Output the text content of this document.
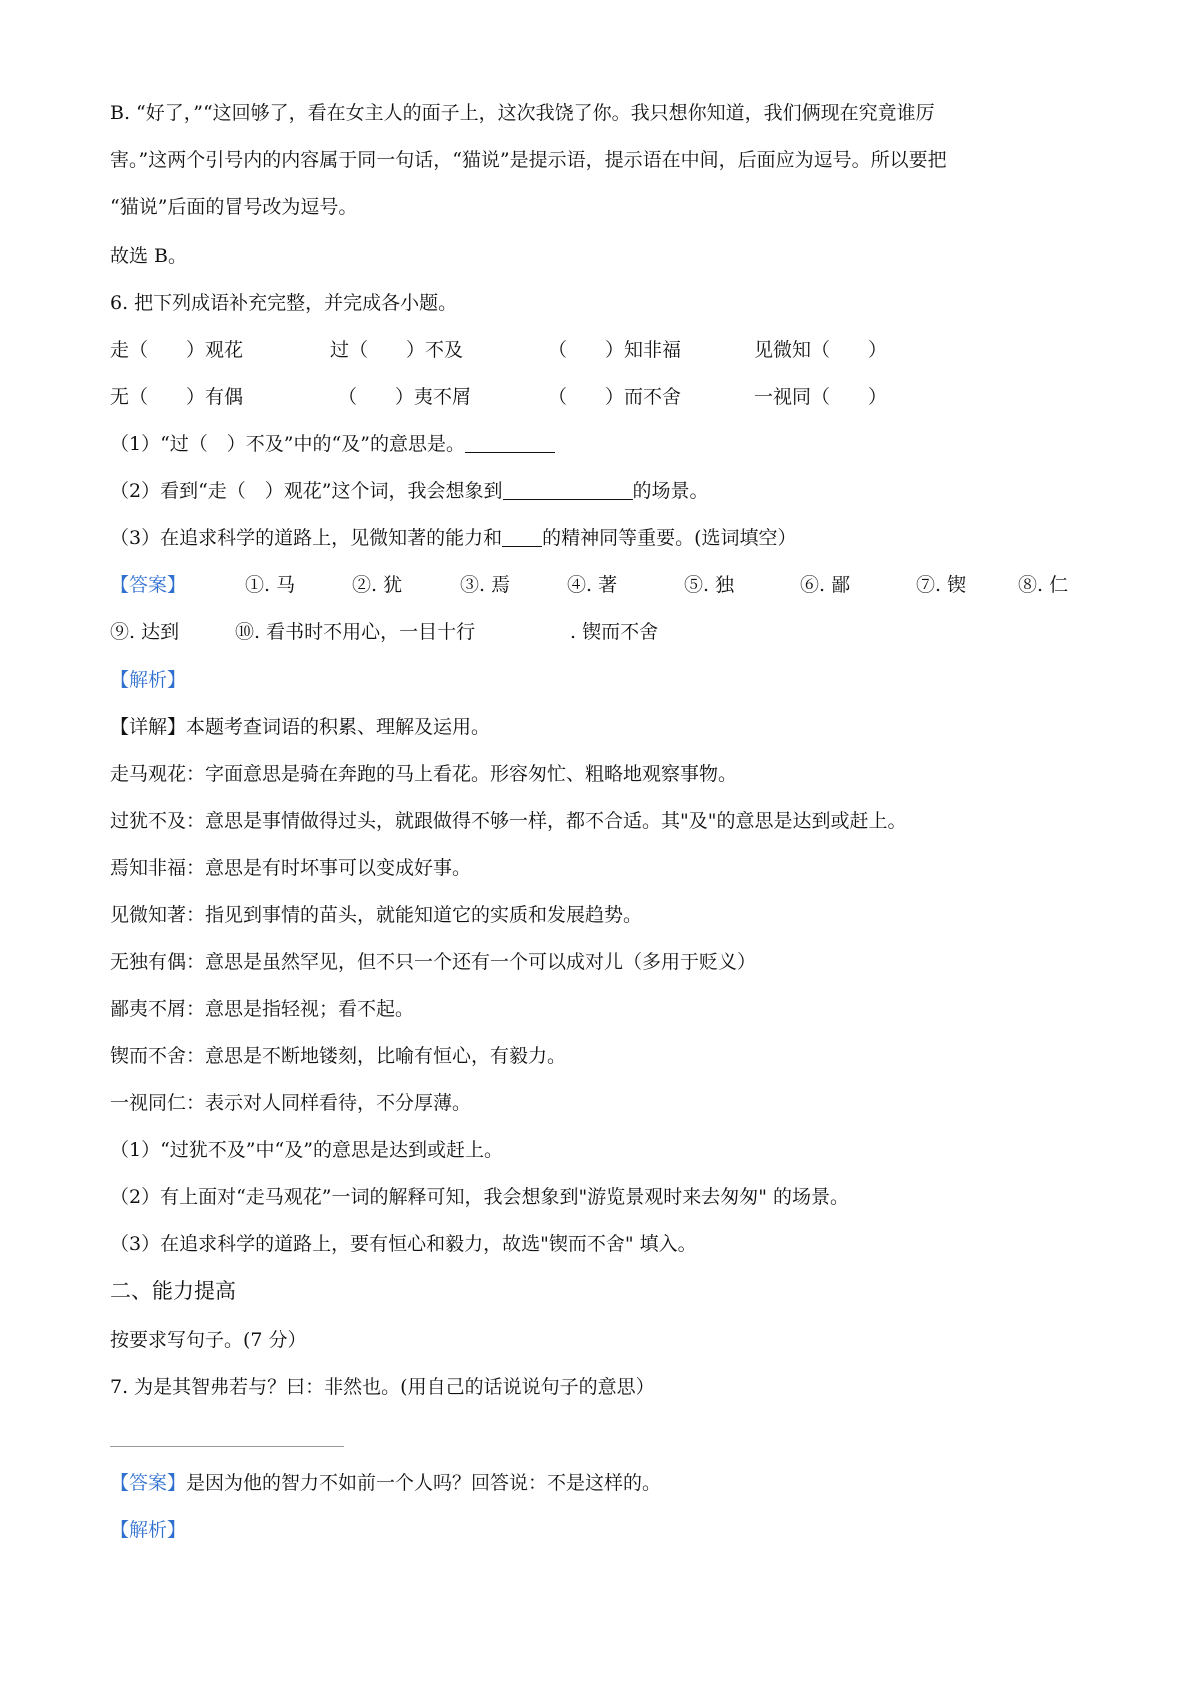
B. “好了，”“这回够了，看在女主人的面子上，这次我饶了你。我只想你知道，我们俩现在究竟谁厉
害。”这两个引号内的内容属于同一句话，“猫说”是提示语，提示语在中间，后面应为逗号。所以要把
“猫说”后面的冒号改为逗号。
故选 B。
6. 把下列成语补充完整，并完成各小题。
走（　　）观花	过（　　）不及	（　　）知非福	见微知（　　）
无（　　）有偶	（　　）夷不屑	（　　）而不舍	一视同（　　）
（1）“过（　）不及”中的“及”的意思是。
（2）看到“走（　）观花”这个词，我会想象到	的场景。
（3）在追求科学的道路上，见微知著的能力和 的精神同等重要。(选词填空）
【答案】	①. 马	②. 犹	③. 焉	④. 著	⑤. 独	⑥. 鄙	⑦. 锲	⑧. 仁
⑨. 达到	⑩. 看书时不用心，一目十行	. 锲而不舍
【解析】
【详解】本题考查词语的积累、理解及运用。
走马观花：字面意思是骑在奔跑的马上看花。形容匆忙、粗略地观察事物。
过犹不及：意思是事情做得过头，就跟做得不够一样，都不合适。其"及"的意思是达到或赶上。
焉知非福：意思是有时坏事可以变成好事。
见微知著：指见到事情的苗头，就能知道它的实质和发展趋势。
无独有偶：意思是虽然罕见，但不只一个还有一个可以成对儿（多用于贬义）
鄙夷不屑：意思是指轻视；看不起。
锲而不舍：意思是不断地镂刻，比喻有恒心，有毅力。
一视同仁：表示对人同样看待，不分厚薄。
（1）“过犹不及”中“及”的意思是达到或赶上。
（2）有上面对“走马观花”一词的解释可知，我会想象到"游览景观时来去匆匆" 的场景。
（3）在追求科学的道路上，要有恒心和毅力，故选"锲而不舍" 填入。
二、能力提高
按要求写句子。(7 分）
7. 为是其智弗若与？曰：非然也。(用自己的话说说句子的意思）
【答案】是因为他的智力不如前一个人吗？回答说：不是这样的。
【解析】
